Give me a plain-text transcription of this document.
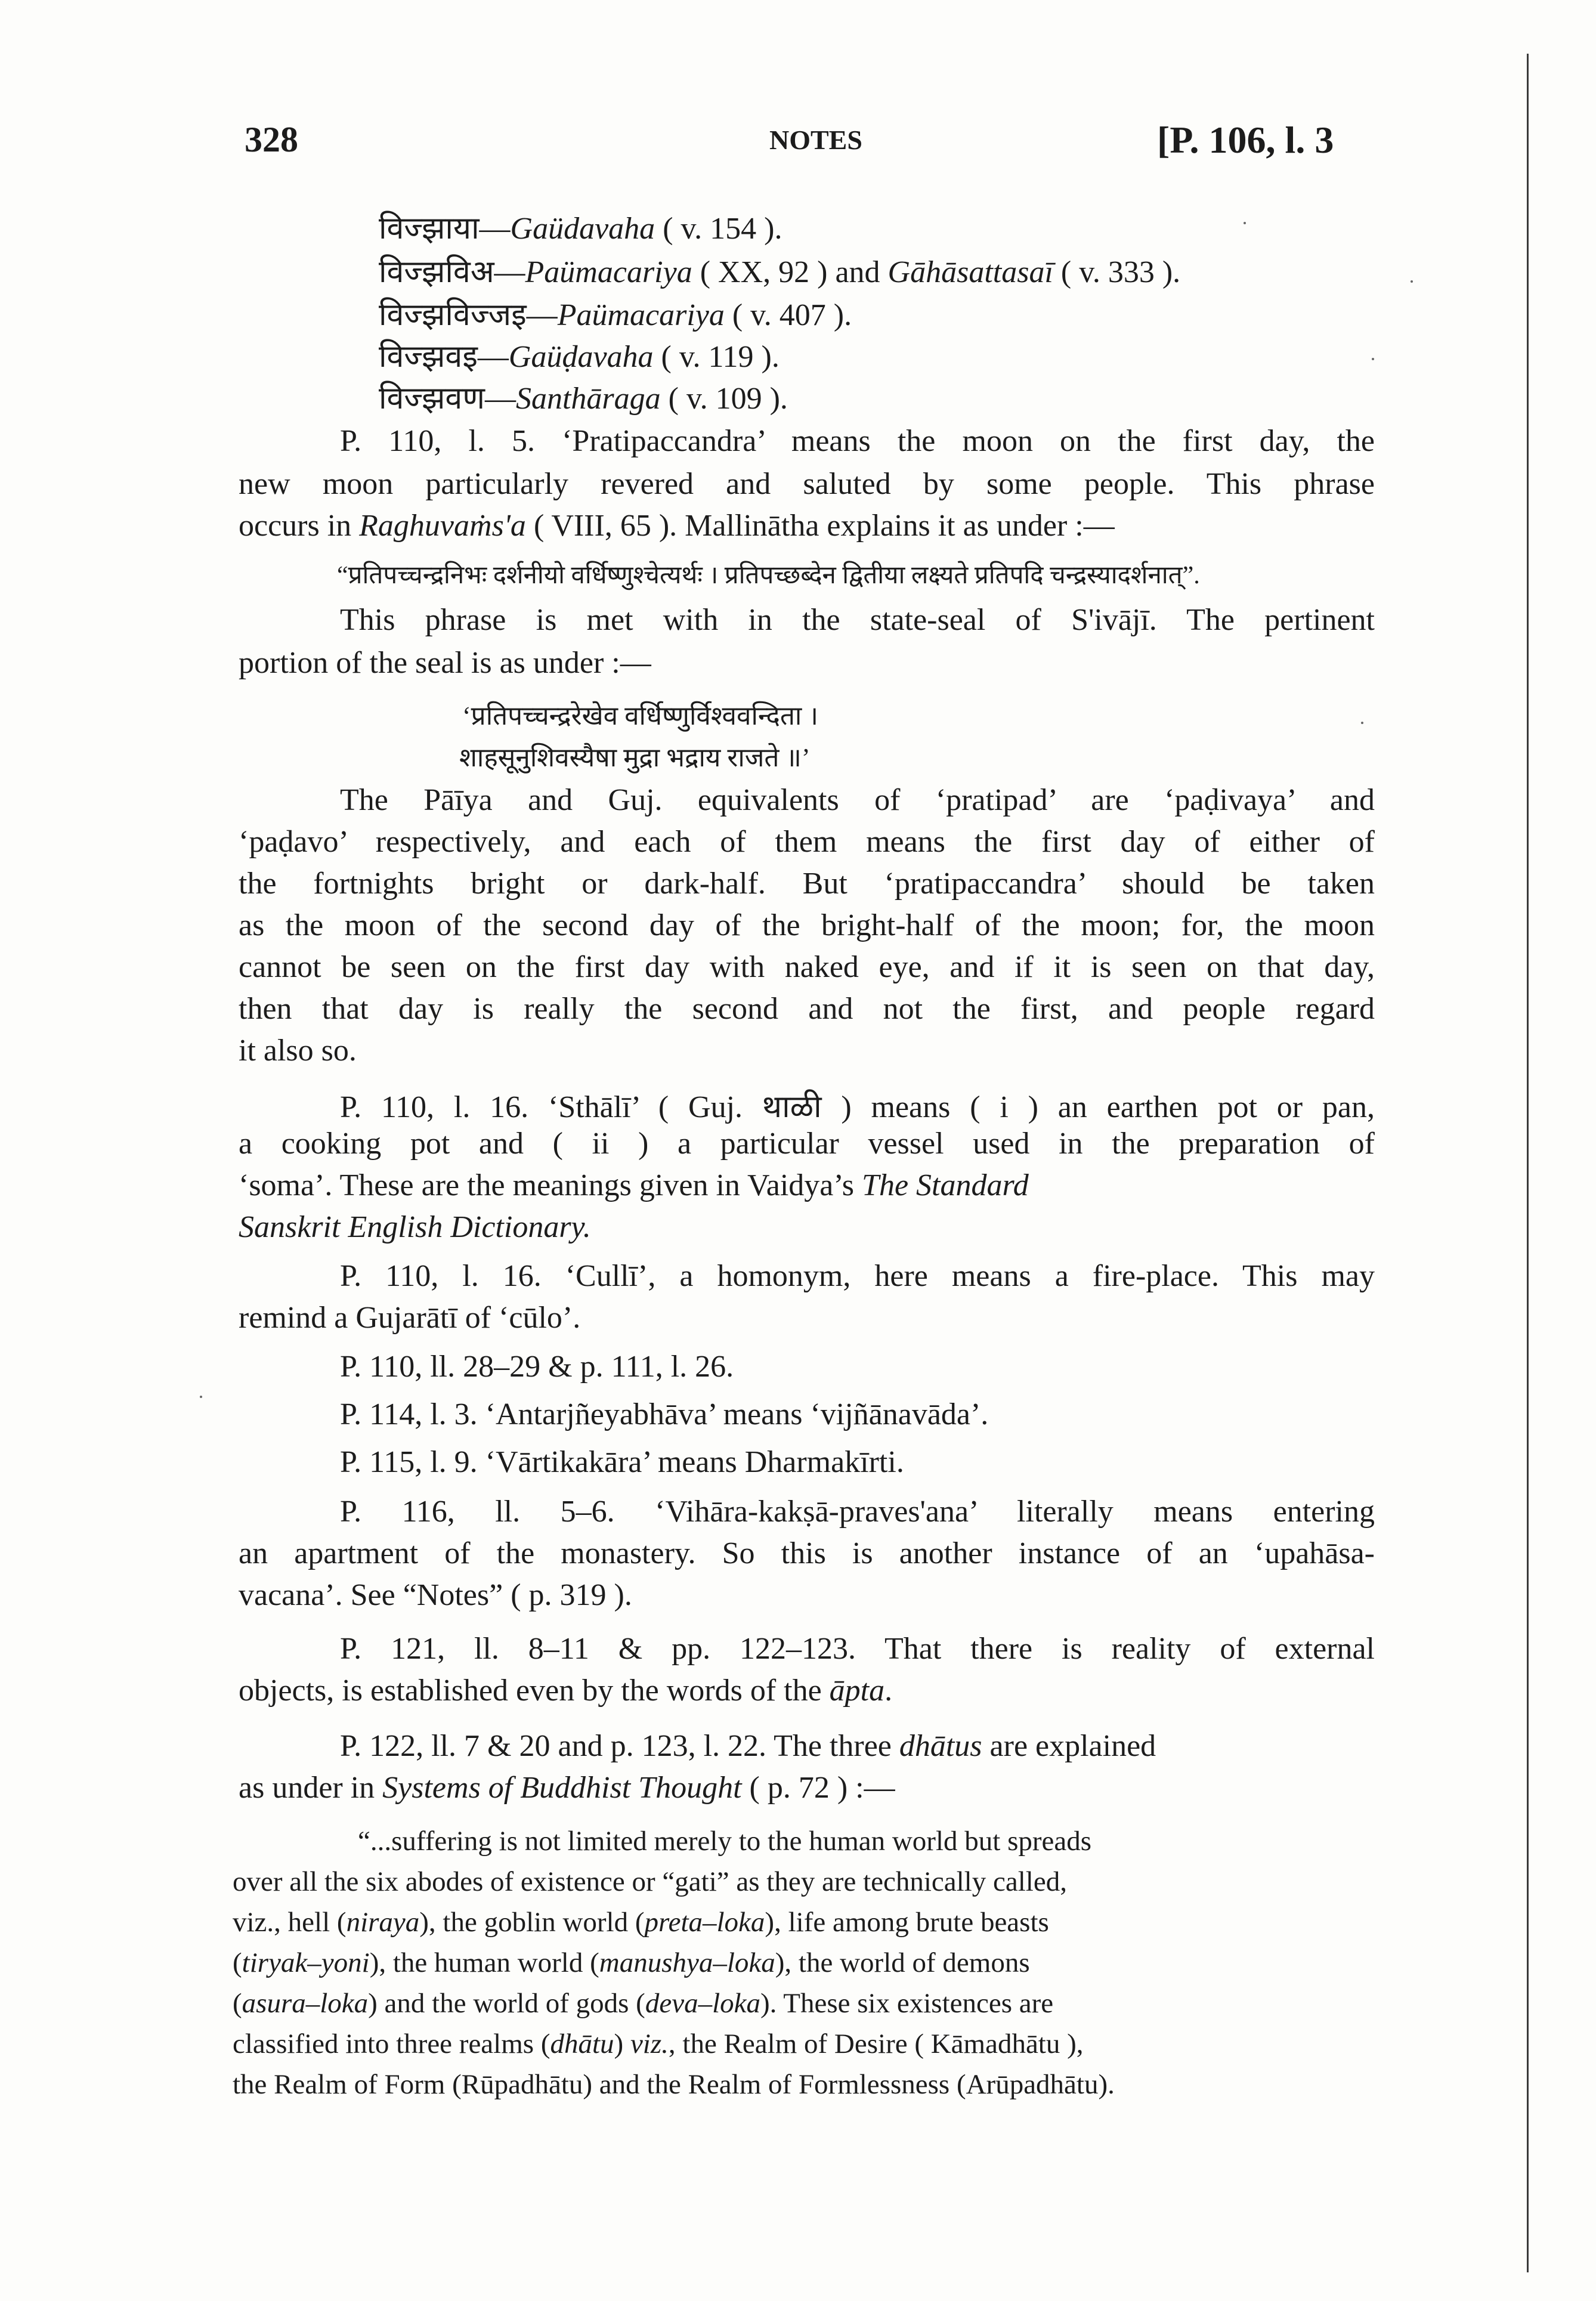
328	NOTES	[P. 106, l. 3
विज्झाया—Gaüdavaha ( v. 154 ).
विज्झविअ—Paümacariya ( XX, 92 ) and Gāhāsattasaī ( v. 333 ).
विज्झविज्जइ—Paümacariya ( v. 407 ).
विज्झवइ—Gaüḍavaha ( v. 119 ).
विज्झवण—Santhāraga ( v. 109 ).
P. 110, l. 5. ‘Pratipaccandra’ means the moon on the first day, the
new moon particularly revered and saluted by some people. This phrase
occurs in Raghuvaṁs'a ( VIII, 65 ). Mallinātha explains it as under :—
“प्रतिपच्चन्द्रनिभः दर्शनीयो वर्धिष्णुश्चेत्यर्थः । प्रतिपच्छब्देन द्वितीया लक्ष्यते प्रतिपदि चन्द्रस्यादर्शनात्”.
This phrase is met with in the state-seal of S'ivājī. The pertinent
portion of the seal is as under :—
‘प्रतिपच्चन्द्ररेखेव वर्धिष्णुर्विश्ववन्दिता ।
शाहसूनुशिवस्यैषा मुद्रा भद्राय राजते ॥’
The Pāīya and Guj. equivalents of ‘pratipad’ are ‘paḍivaya’ and
‘paḍavo’ respectively, and each of them means the first day of either of
the fortnights bright or dark-half. But ‘pratipaccandra’ should be taken
as the moon of the second day of the bright-half of the moon; for, the moon
cannot be seen on the first day with naked eye, and if it is seen on that day,
then that day is really the second and not the first, and people regard
it also so.
P. 110, l. 16. ‘Sthālī’ ( Guj. थाळी ) means ( i ) an earthen pot or pan,
a cooking pot and ( ii ) a particular vessel used in the preparation of
‘soma’. These are the meanings given in Vaidya’s The Standard
Sanskrit English Dictionary.
P. 110, l. 16. ‘Cullī’, a homonym, here means a fire-place. This may
remind a Gujarātī of ‘cūlo’.
P. 110, ll. 28–29 & p. 111, l. 26.
P. 114, l. 3. ‘Antarjñeyabhāva’ means ‘vijñānavāda’.
P. 115, l. 9. ‘Vārtikakāra’ means Dharmakīrti.
P. 116, ll. 5–6. ‘Vihāra-kakṣā-praves'ana’ literally means entering
an apartment of the monastery. So this is another instance of an ‘upahāsa-
vacana’. See “Notes” ( p. 319 ).
P. 121, ll. 8–11 & pp. 122–123. That there is reality of external
objects, is established even by the words of the āpta.
P. 122, ll. 7 & 20 and p. 123, l. 22. The three dhātus are explained
as under in Systems of Buddhist Thought ( p. 72 ) :—
“...suffering is not limited merely to the human world but spreads
over all the six abodes of existence or “gati” as they are technically called,
viz., hell (niraya), the goblin world (preta–loka), life among brute beasts
(tiryak–yoni), the human world (manushya–loka), the world of demons
(asura–loka) and the world of gods (deva–loka). These six existences are
classified into three realms (dhātu) viz., the Realm of Desire ( Kāmadhātu ),
the Realm of Form (Rūpadhātu) and the Realm of Formlessness (Arūpadhātu).
